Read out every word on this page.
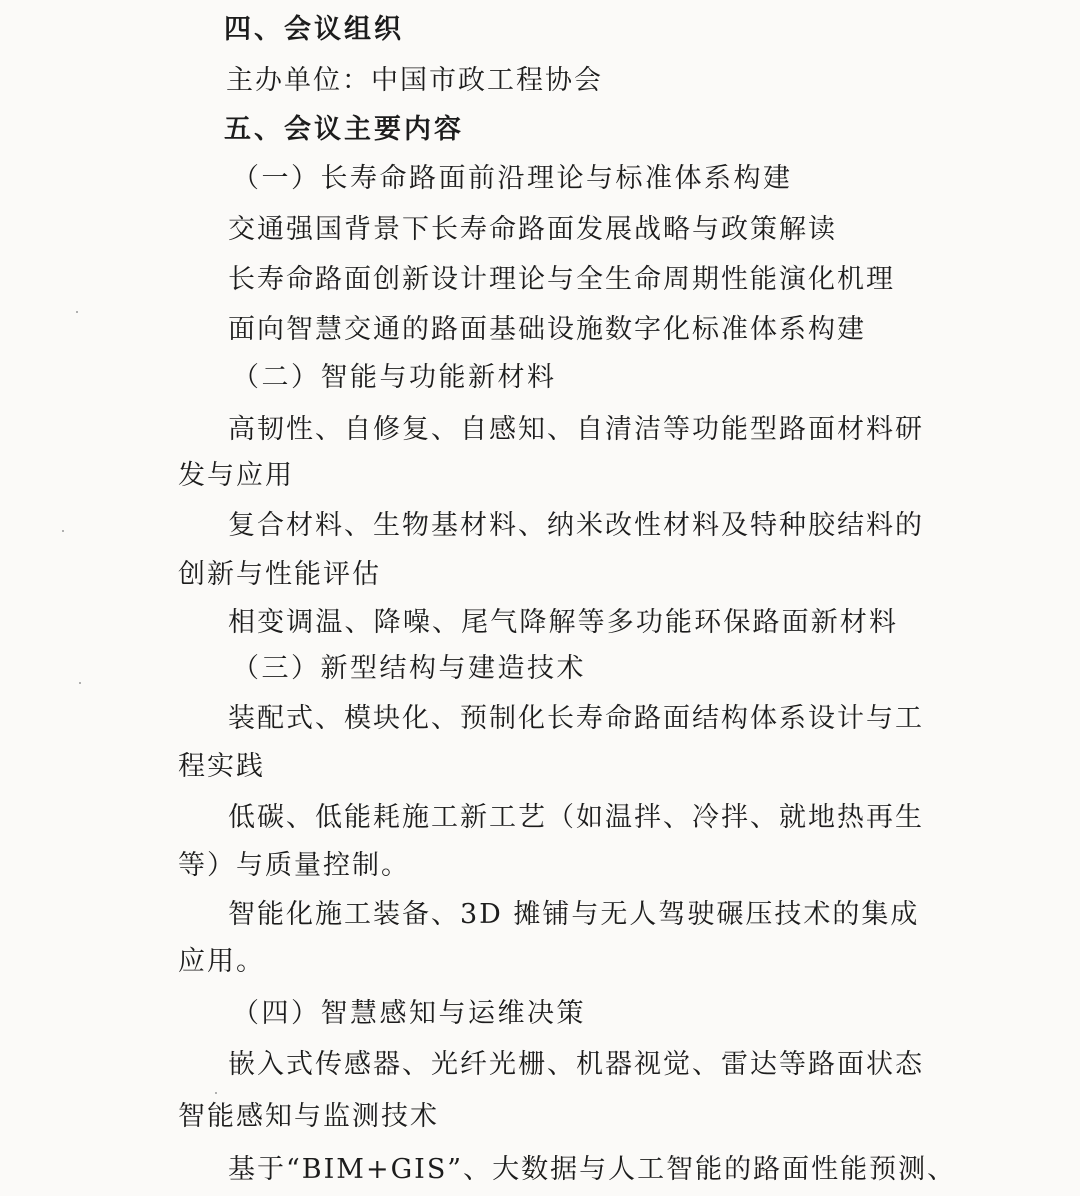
四、会议组织
主办单位：中国市政工程协会
五、会议主要内容
（一）长寿命路面前沿理论与标准体系构建
交通强国背景下长寿命路面发展战略与政策解读
长寿命路面创新设计理论与全生命周期性能演化机理
面向智慧交通的路面基础设施数字化标准体系构建
（二）智能与功能新材料
高韧性、自修复、自感知、自清洁等功能型路面材料研
发与应用
复合材料、生物基材料、纳米改性材料及特种胶结料的
创新与性能评估
相变调温、降噪、尾气降解等多功能环保路面新材料
（三）新型结构与建造技术
装配式、模块化、预制化长寿命路面结构体系设计与工
程实践
低碳、低能耗施工新工艺（如温拌、冷拌、就地热再生
等）与质量控制。
智能化施工装备、3D 摊铺与无人驾驶碾压技术的集成
应用。
（四）智慧感知与运维决策
嵌入式传感器、光纤光栅、机器视觉、雷达等路面状态
智能感知与监测技术
基于“BIM+GIS”、大数据与人工智能的路面性能预测、
